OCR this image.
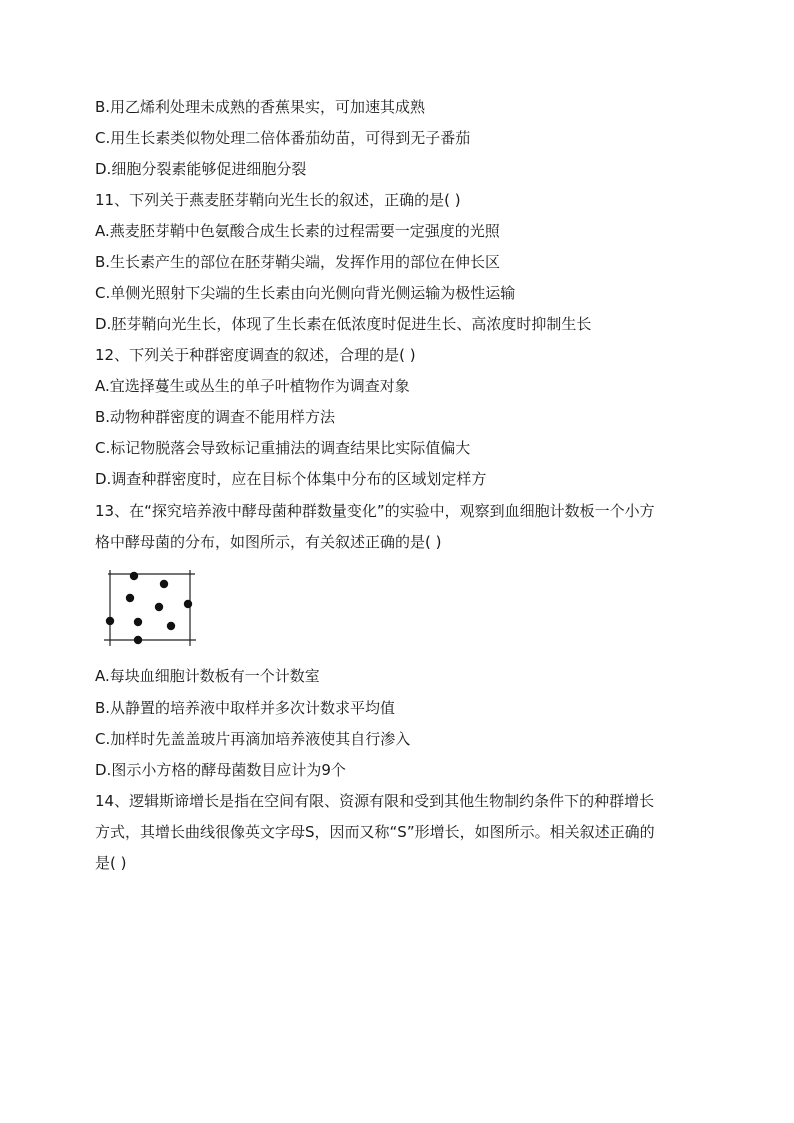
B.用乙烯利处理未成熟的香蕉果实，可加速其成熟
C.用生长素类似物处理二倍体番茄幼苗，可得到无子番茄
D.细胞分裂素能够促进细胞分裂
11、下列关于燕麦胚芽鞘向光生长的叙述，正确的是( )
A.燕麦胚芽鞘中色氨酸合成生长素的过程需要一定强度的光照
B.生长素产生的部位在胚芽鞘尖端，发挥作用的部位在伸长区
C.单侧光照射下尖端的生长素由向光侧向背光侧运输为极性运输
D.胚芽鞘向光生长，体现了生长素在低浓度时促进生长、高浓度时抑制生长
12、下列关于种群密度调查的叙述，合理的是( )
A.宜选择蔓生或丛生的单子叶植物作为调查对象
B.动物种群密度的调查不能用样方法
C.标记物脱落会导致标记重捕法的调查结果比实际值偏大
D.调查种群密度时，应在目标个体集中分布的区域划定样方
13、在“探究培养液中酵母菌种群数量变化”的实验中，观察到血细胞计数板一个小方
格中酵母菌的分布，如图所示，有关叙述正确的是( )
A.每块血细胞计数板有一个计数室
B.从静置的培养液中取样并多次计数求平均值
C.加样时先盖盖玻片再滴加培养液使其自行渗入
D.图示小方格的酵母菌数目应计为9个
14、逻辑斯谛增长是指在空间有限、资源有限和受到其他生物制约条件下的种群增长
方式，其增长曲线很像英文字母S，因而又称“S”形增长，如图所示。相关叙述正确的
是( )
